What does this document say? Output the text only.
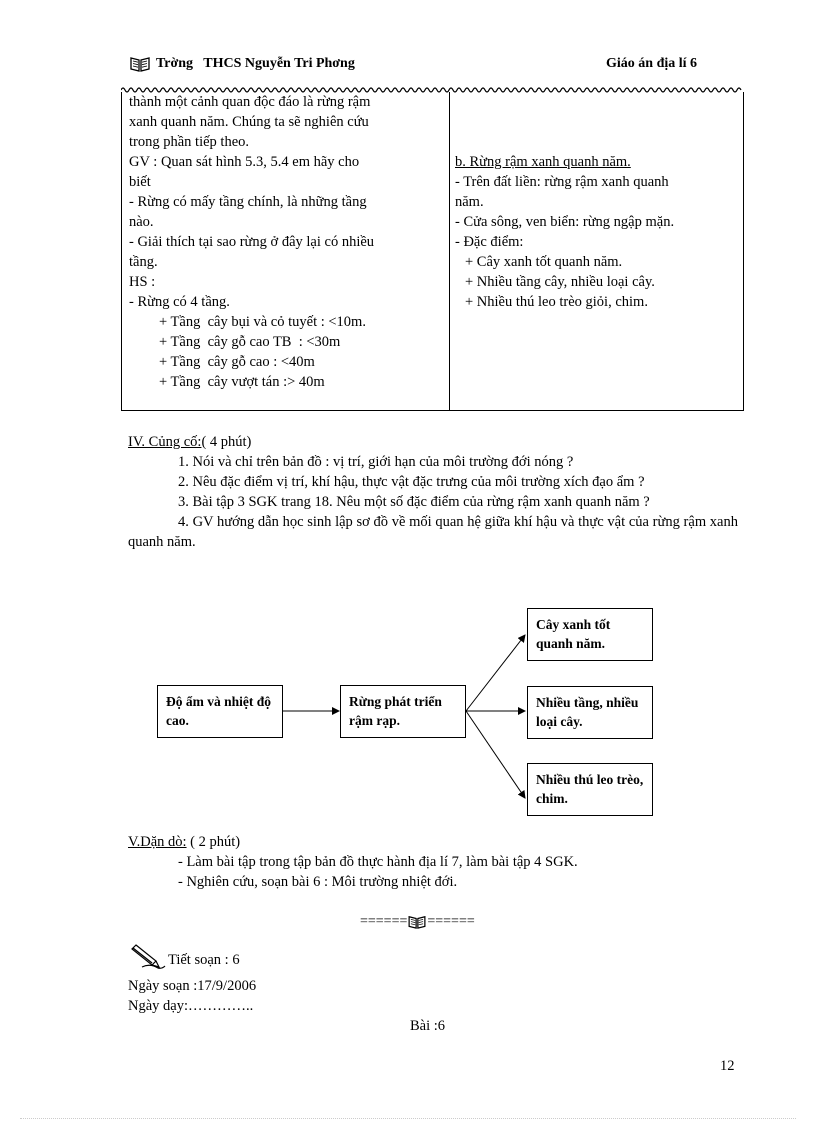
Trờng   THCS Nguyễn Tri Phơng	Giáo án địa lí 6
thành một cảnh quan độc đáo là rừng rậm
xanh quanh năm. Chúng ta sẽ nghiên cứu
trong phần tiếp theo.
GV : Quan sát hình 5.3, 5.4 em hãy cho
biết
- Rừng có mấy tầng chính, là những tầng
nào.
- Giải thích tại sao rừng ở đây lại có nhiều
tầng.
HS :
- Rừng có 4 tầng.
+ Tầng  cây bụi và cỏ tuyết : <10m.
+ Tầng  cây gỗ cao TB  : <30m
+ Tầng  cây gỗ cao : <40m
+ Tầng  cây vượt tán :> 40m
b. Rừng rậm xanh quanh năm.
- Trên đất liền: rừng rậm xanh quanh
năm.
- Cửa sông, ven biển: rừng ngập mặn.
- Đặc điểm:
+ Cây xanh tốt quanh năm.
+ Nhiều tầng cây, nhiều loại cây.
+ Nhiều thú leo trèo giỏi, chim.
IV. Củng cố:( 4 phút)
1. Nói và chỉ trên bản đồ : vị trí, giới hạn của môi trường đới nóng ?
2. Nêu đặc điểm vị trí, khí hậu, thực vật đặc trưng của môi trường xích đạo ẩm ?
3. Bài tập 3 SGK trang 18. Nêu một số đặc điểm của rừng rậm xanh quanh năm ?
4. GV hướng dẫn học sinh lập sơ đồ về mối quan hệ giữa khí hậu và thực vật của rừng rậm xanh quanh năm.
Độ ẩm và nhiệt độ cao.
Rừng phát triển rậm rạp.
Cây xanh tốt quanh năm.
Nhiều tầng, nhiều loại cây.
Nhiều thú leo trèo, chim.
V.Dặn dò: ( 2 phút)
- Làm bài tập trong tập bản đồ thực hành địa lí 7, làm bài tập 4 SGK.
- Nghiên cứu, soạn bài 6 : Môi trường nhiệt đới.
====== ======
Tiết soạn : 6
Ngày soạn :17/9/2006
Ngày dạy:…………..
Bài :6
12
